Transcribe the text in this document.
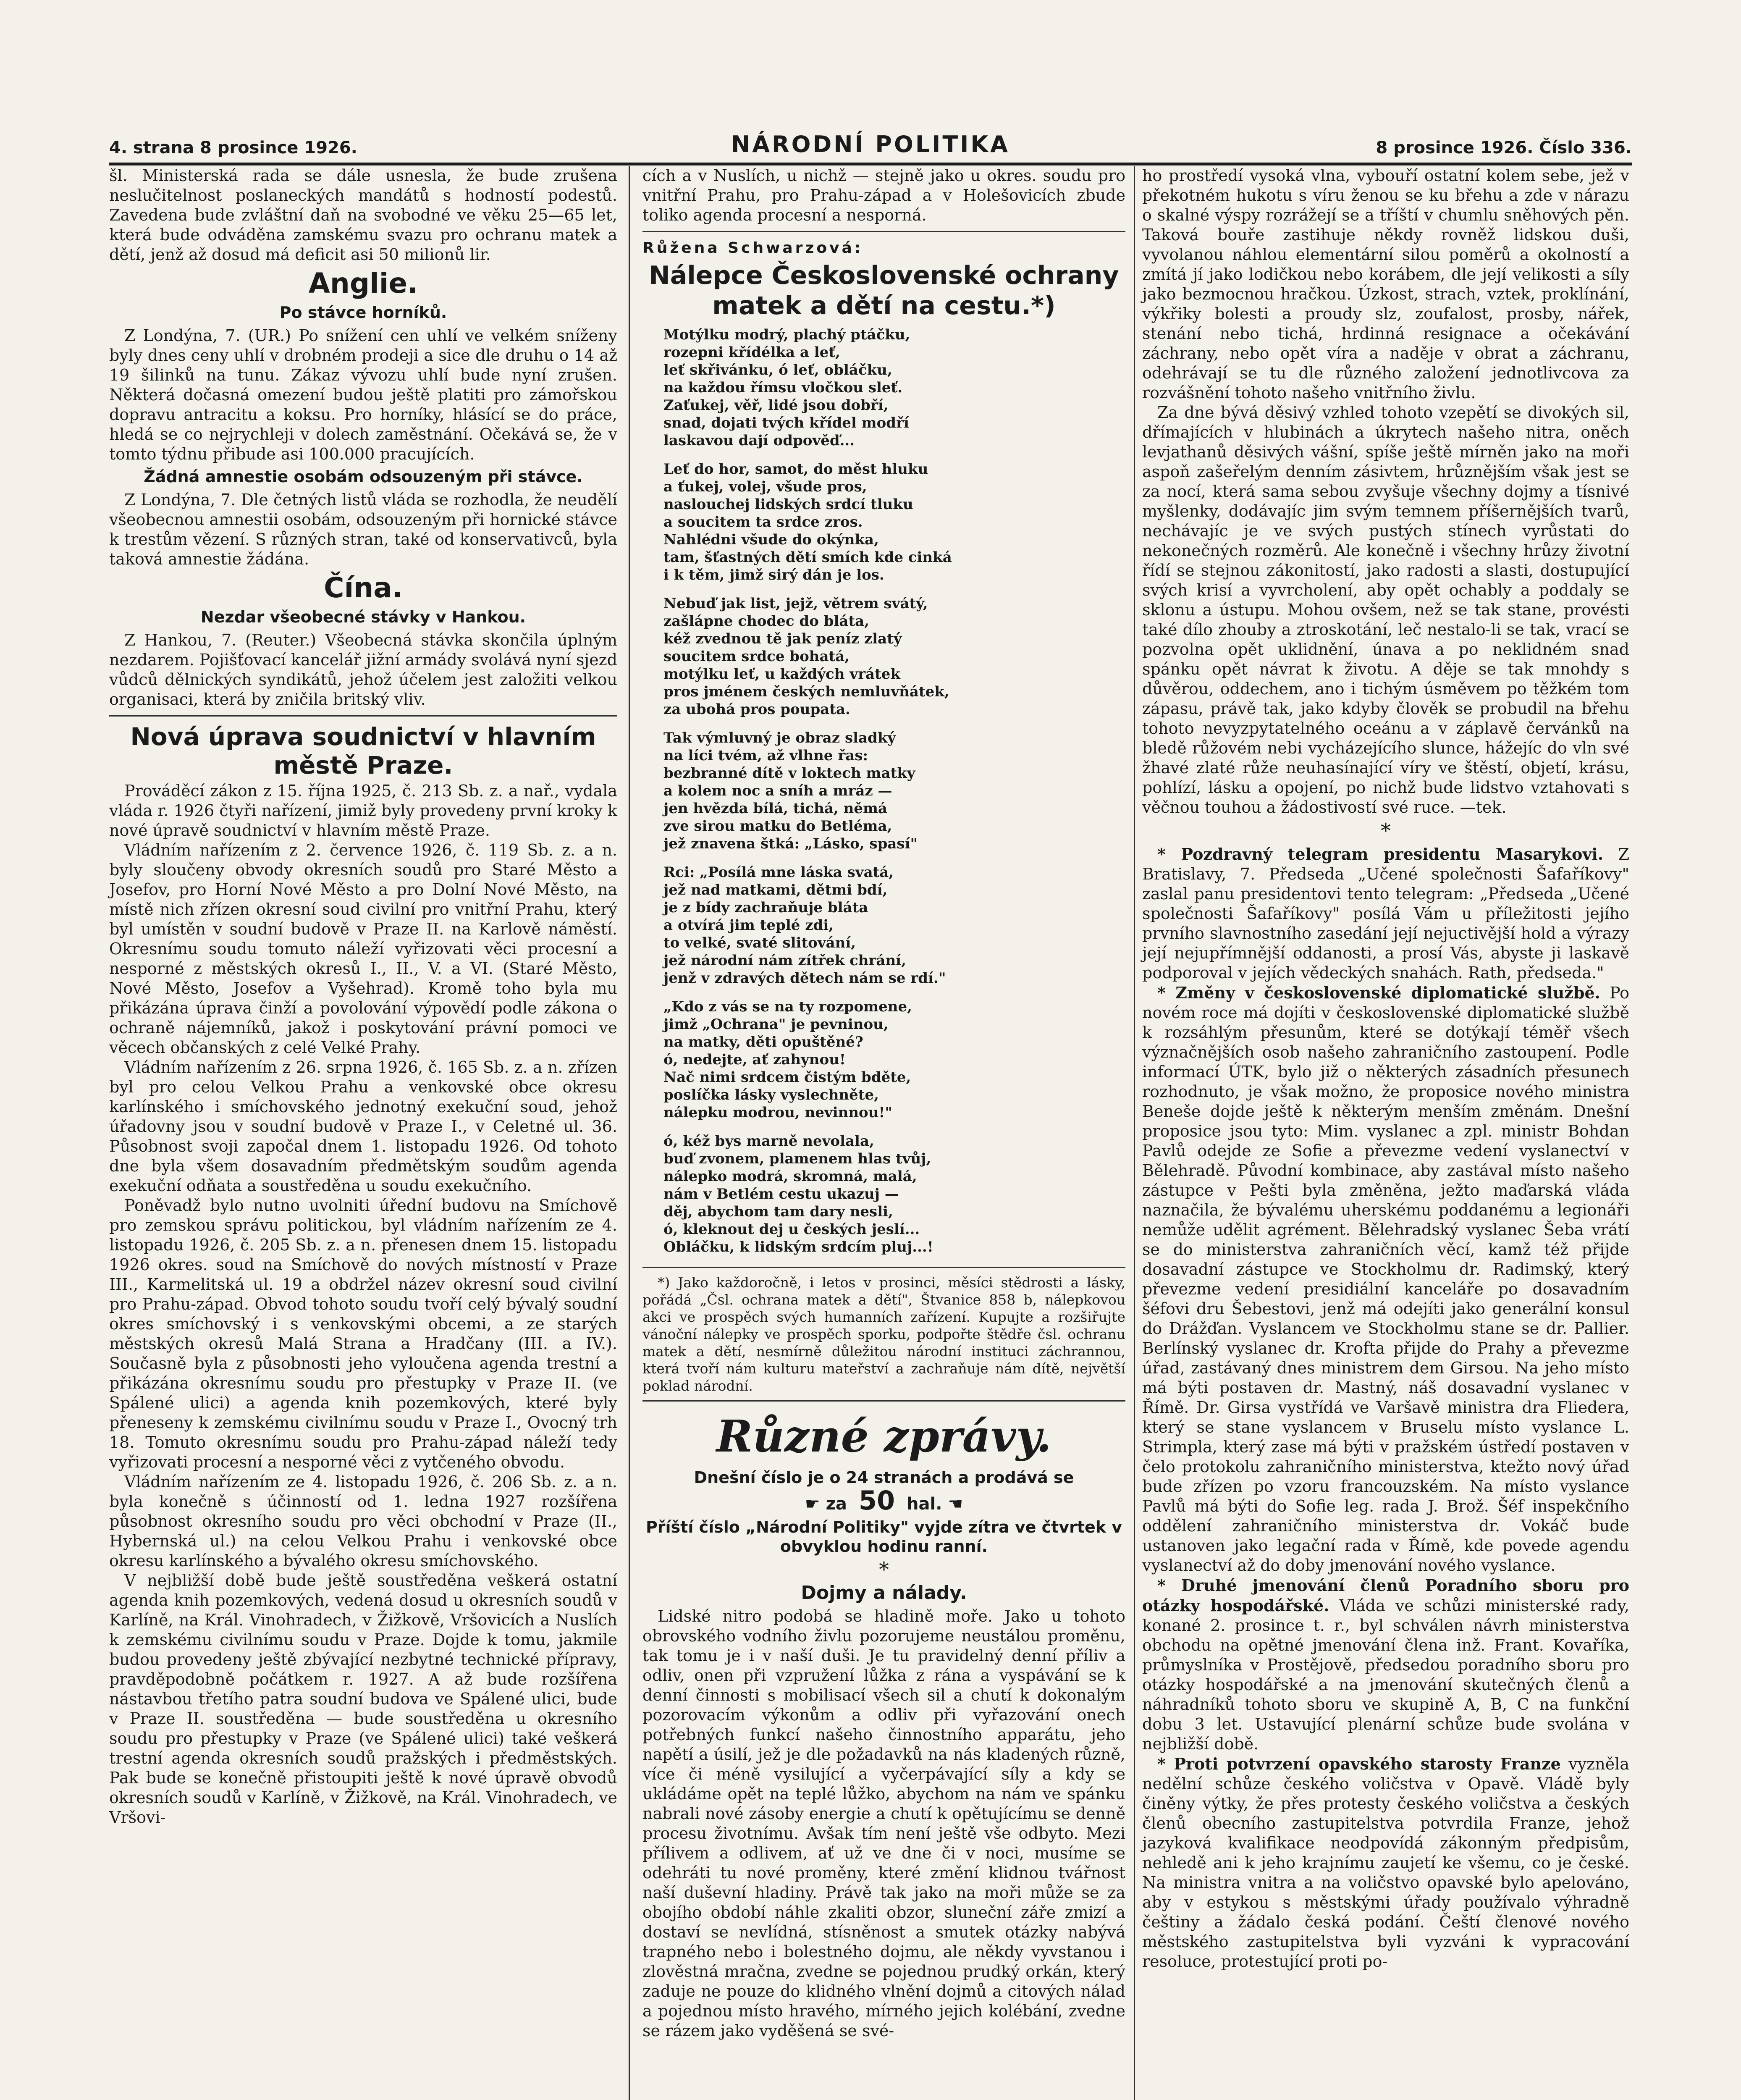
4. strana 8 prosince 1926.	NÁRODNÍ POLITIKA	8 prosince 1926. Číslo 336.

šl. Ministerská rada se dále usnesla, že bude zrušena neslučitelnost poslaneckých mandátů s hodností podestů. Zavedena bude zvláštní daň na svobodné ve věku 25—65 let, která bude odváděna zamskému svazu pro ochranu matek a dětí, jenž až dosud má deficit asi 50 milionů lir.

Anglie.
Po stávce horníků.

Z Londýna, 7. (UR.) Po snížení cen uhlí ve velkém sníženy byly dnes ceny uhlí v drobném prodeji a sice dle druhu o 14 až 19 šilinků na tunu. Zákaz vývozu uhlí bude nyní zrušen. Některá dočasná omezení budou ještě platiti pro zámořskou dopravu antracitu a koksu. Pro horníky, hlásící se do práce, hledá se co nejrychleji v dolech zaměstnání. Očekává se, že v tomto týdnu přibude asi 100.000 pracujících.

Žádná amnestie osobám odsouzeným při stávce.

Z Londýna, 7. Dle četných listů vláda se rozhodla, že neudělí všeobecnou amnestii osobám, odsouzeným při hornické stávce k trestům vězení. S různých stran, také od konservativců, byla taková amnestie žádána.

Čína.
Nezdar všeobecné stávky v Hankou.

Z Hankou, 7. (Reuter.) Všeobecná stávka skončila úplným nezdarem. Pojišťovací kancelář jižní armády svolává nyní sjezd vůdců dělnických syndikátů, jehož účelem jest založiti velkou organisaci, která by zničila britský vliv.

Nová úprava soudnictví v hlavním městě Praze.

Prováděcí zákon z 15. října 1925, č. 213 Sb. z. a nař., vydala vláda r. 1926 čtyři nařízení, jimiž byly provedeny první kroky k nové úpravě soudnictví v hlavním městě Praze.

Vládním nařízením z 2. července 1926, č. 119 Sb. z. a n. byly sloučeny obvody okresních soudů pro Staré Město a Josefov, pro Horní Nové Město a pro Dolní Nové Město, na místě nich zřízen okresní soud civilní pro vnitřní Prahu, který byl umístěn v soudní budově v Praze II. na Karlově náměstí. Okresnímu soudu tomuto náleží vyřizovati věci procesní a nesporné z městských okresů I., II., V. a VI. (Staré Město, Nové Město, Josefov a Vyšehrad). Kromě toho byla mu přikázána úprava činží a povolování výpovědí podle zákona o ochraně nájemníků, jakož i poskytování právní pomoci ve věcech občanských z celé Velké Prahy.

Vládním nařízením z 26. srpna 1926, č. 165 Sb. z. a n. zřízen byl pro celou Velkou Prahu a venkovské obce okresu karlínského i smíchovského jednotný exekuční soud, jehož úřadovny jsou v soudní budově v Praze I., v Celetné ul. 36. Působnost svoji započal dnem 1. listopadu 1926. Od tohoto dne byla všem dosavadním předmětským soudům agenda exekuční odňata a soustředěna u soudu exekučního.

Poněvadž bylo nutno uvolniti úřední budovu na Smíchově pro zemskou správu politickou, byl vládním nařízením ze 4. listopadu 1926, č. 205 Sb. z. a n. přenesen dnem 15. listopadu 1926 okres. soud na Smíchově do nových místností v Praze III., Karmelitská ul. 19 a obdržel název okresní soud civilní pro Prahu-západ. Obvod tohoto soudu tvoří celý bývalý soudní okres smíchovský i s venkovskými obcemi, a ze starých městských okresů Malá Strana a Hradčany (III. a IV.). Současně byla z působnosti jeho vyloučena agenda trestní a přikázána okresnímu soudu pro přestupky v Praze II. (ve Spálené ulici) a agenda knih pozemkových, které byly přeneseny k zemskému civilnímu soudu v Praze I., Ovocný trh 18. Tomuto okresnímu soudu pro Prahu-západ náleží tedy vyřizovati procesní a nesporné věci z vytčeného obvodu.

Vládním nařízením ze 4. listopadu 1926, č. 206 Sb. z. a n. byla konečně s účinností od 1. ledna 1927 rozšířena působnost okresního soudu pro věci obchodní v Praze (II., Hybernská ul.) na celou Velkou Prahu i venkovské obce okresu karlínského a bývalého okresu smíchovského.

V nejbližší době bude ještě soustředěna veškerá ostatní agenda knih pozemkových, vedená dosud u okresních soudů v Karlíně, na Král. Vinohradech, v Žižkově, Vršovicích a Nuslích k zemskému civilnímu soudu v Praze. Dojde k tomu, jakmile budou provedeny ještě zbývající nezbytné technické přípravy, pravděpodobně počátkem r. 1927. A až bude rozšířena nástavbou třetího patra soudní budova ve Spálené ulici, bude v Praze II. soustředěna — bude soustředěna u okresního soudu pro přestupky v Praze (ve Spálené ulici) také veškerá trestní agenda okresních soudů pražských i předměstských. Pak bude se konečně přistoupiti ještě k nové úpravě obvodů okresních soudů v Karlíně, v Žižkově, na Král. Vinohradech, ve Vršovi-

cích a v Nuslích, u nichž — stejně jako u okres. soudu pro vnitřní Prahu, pro Prahu-západ a v Holešovicích zbude toliko agenda procesní a nesporná.

Růžena Schwarzová:
Nálepce Československé ochrany matek a dětí na cestu.*)
Motýlku modrý, plachý ptáčku,
rozepni křídélka a leť,
leť skřivánku, ó leť, obláčku,
na každou římsu vločkou sleť.
Zaťukej, věř, lidé jsou dobří,
snad, dojati tvých křídel modří
laskavou dají odpověď...
Leť do hor, samot, do měst hluku
a ťukej, volej, všude pros,
naslouchej lidských srdcí tluku
a soucitem ta srdce zros.
Nahlédni všude do okýnka,
tam, šťastných dětí smích kde cinká
i k těm, jimž sirý dán je los.
Nebuď jak list, jejž, větrem svátý,
zašlápne chodec do bláta,
kéž zvednou tě jak peníz zlatý
soucitem srdce bohatá,
motýlku leť, u každých vrátek
pros jménem českých nemluvňátek,
za ubohá pros poupata.
Tak výmluvný je obraz sladký
na líci tvém, až vlhne řas:
bezbranné dítě v loktech matky
a kolem noc a sníh a mráz —
jen hvězda bílá, tichá, němá
zve sirou matku do Betléma,
jež znavena štká: „Lásko, spasí"
Rci: „Posílá mne láska svatá,
jež nad matkami, dětmi bdí,
je z bídy zachraňuje bláta
a otvírá jim teplé zdi,
to velké, svaté slitování,
jež národní nám zítřek chrání,
jenž v zdravých dětech nám se rdí."
„Kdo z vás se na ty rozpomene,
jimž „Ochrana" je pevninou,
na matky, děti opuštěné?
ó, nedejte, ať zahynou!
Nač nimi srdcem čistým bděte,
poslíčka lásky vyslechněte,
nálepku modrou, nevinnou!"
ó, kéž bys marně nevolala,
buď zvonem, plamenem hlas tvůj,
nálepko modrá, skromná, malá,
nám v Betlém cestu ukazuj —
děj, abychom tam dary nesli,
ó, kleknout dej u českých jeslí...
Obláčku, k lidským srdcím pluj...!

*) Jako každoročně, i letos v prosinci, měsíci stědrosti a lásky, pořádá „Čsl. ochrana matek a dětí", Štvanice 858 b, nálepkovou akci ve prospěch svých humanních zařízení. Kupujte a rozšiřujte vánoční nálepky ve prospěch sporku, podpořte štědře čsl. ochranu matek a dětí, nesmírně důležitou národní instituci záchrannou, která tvoří nám kulturu mateřství a zachraňuje nám dítě, největší poklad národní.

Různé zprávy.
Dnešní číslo je o 24 stranách a prodává se
☛ za 50 hal. ☚
Příští číslo „Národní Politiky" vyjde zítra ve čtvrtek v obvyklou hodinu ranní.
*
Dojmy a nálady.

Lidské nitro podobá se hladině moře. Jako u tohoto obrovského vodního živlu pozorujeme neustálou proměnu, tak tomu je i v naší duši. Je tu pravidelný denní příliv a odliv, onen při vzpružení lůžka z rána a vyspávání se k denní činnosti s mobilisací všech sil a chutí k dokonalým pozorovacím výkonům a odliv při vyřazování onech potřebných funkcí našeho činnostního apparátu, jeho napětí a úsilí, jež je dle požadavků na nás kladených různě, více či méně vysilující a vyčerpávající síly a kdy se ukládáme opět na teplé lůžko, abychom na nám ve spánku nabrali nové zásoby energie a chutí k opětujícímu se denně procesu životnímu. Avšak tím není ještě vše odbyto. Mezi přílivem a odlivem, ať už ve dne či v noci, musíme se odehráti tu nové proměny, které změní klidnou tvářnost naší duševní hladiny. Právě tak jako na moři může se za obojího období náhle zkaliti obzor, sluneční záře zmizí a dostaví se nevlídná, stísněnost a smutek otázky nabývá trapného nebo i bolestného dojmu, ale někdy vyvstanou i zlověstná mračna, zvedne se pojednou prudký orkán, který zaduje ne pouze do klidného vlnění dojmů a citových nálad a pojednou místo hravého, mírného jejich kolébání, zvedne se rázem jako vyděšená se své-

ho prostředí vysoká vlna, vybouří ostatní kolem sebe, jež v překotném hukotu s víru ženou se ku břehu a zde v nárazu o skalné výspy rozrážejí se a tříští v chumlu sněhových pěn. Taková bouře zastihuje někdy rovněž lidskou duši, vyvolanou náhlou elementární silou poměrů a okolností a zmítá jí jako lodičkou nebo korábem, dle její velikosti a síly jako bezmocnou hračkou. Úzkost, strach, vztek, proklínání, výkřiky bolesti a proudy slz, zoufalost, prosby, nářek, stenání nebo tichá, hrdinná resignace a očekávání záchrany, nebo opět víra a naděje v obrat a záchranu, odehrávají se tu dle různého založení jednotlivcova za rozvášnění tohoto našeho vnitřního živlu.

Za dne bývá děsivý vzhled tohoto vzepětí se divokých sil, dřímajících v hlubinách a úkrytech našeho nitra, oněch levjathanů děsivých vášní, spíše ještě mírněn jako na moři aspoň zašeřelým denním zásivtem, hrůznějším však jest se za nocí, která sama sebou zvyšuje všechny dojmy a tísnivé myšlenky, dodávajíc jim svým temnem příšernějších tvarů, nechávajíc je ve svých pustých stínech vyrůstati do nekonečných rozměrů. Ale konečně i všechny hrůzy životní řídí se stejnou zákonitostí, jako radosti a slasti, dostupující svých krisí a vyvrcholení, aby opět ochably a poddaly se sklonu a ústupu. Mohou ovšem, než se tak stane, provésti také dílo zhouby a ztroskotání, leč nestalo-li se tak, vrací se pozvolna opět uklidnění, únava a po neklidném snad spánku opět návrat k životu. A děje se tak mnohdy s důvěrou, oddechem, ano i tichým úsměvem po těžkém tom zápasu, právě tak, jako kdyby člověk se probudil na břehu tohoto nevyzpytatelného oceánu a v záplavě červánků na bledě růžovém nebi vycházejícího slunce, hážejíc do vln své žhavé zlaté růže neuhasínající víry ve štěstí, objetí, krásu, pohlízí, lásku a opojení, po nichž bude lidstvo vztahovati s věčnou touhou a žádostivostí své ruce. —tek.

*

* Pozdravný telegram presidentu Masarykovi. Z Bratislavy, 7. Předseda „Učené společnosti Šafaříkovy" zaslal panu presidentovi tento telegram: „Předseda „Učené společnosti Šafaříkovy" posílá Vám u příležitosti jejího prvního slavnostního zasedání její nejuctivější hold a výrazy její nejupřímnější oddanosti, a prosí Vás, abyste ji laskavě podporoval v jejích vědeckých snahách. Rath, předseda."

* Změny v československé diplomatické službě. Po novém roce má dojíti v československé diplomatické službě k rozsáhlým přesunům, které se dotýkají téměř všech význačnějších osob našeho zahraničního zastoupení. Podle informací ÚTK, bylo již o některých zásadních přesunech rozhodnuto, je však možno, že proposice nového ministra Beneše dojde ještě k některým menším změnám. Dnešní proposice jsou tyto: Mim. vyslanec a zpl. ministr Bohdan Pavlů odejde ze Sofie a převezme vedení vyslanectví v Bělehradě. Původní kombinace, aby zastával místo našeho zástupce v Pešti byla změněna, ježto maďarská vláda naznačila, že bývalému uherskému poddanému a legionáři nemůže udělit agrément. Bělehradský vyslanec Šeba vrátí se do ministerstva zahraničních věcí, kamž též přijde dosavadní zástupce ve Stockholmu dr. Radimský, který převezme vedení presidiální kanceláře po dosavadním šéfovi dru Šebestovi, jenž má odejíti jako generální konsul do Drážďan. Vyslancem ve Stockholmu stane se dr. Pallier. Berlínský vyslanec dr. Krofta přijde do Prahy a převezme úřad, zastávaný dnes ministrem dem Girsou. Na jeho místo má býti postaven dr. Mastný, náš dosavadní vyslanec v Římě. Dr. Girsa vystřídá ve Varšavě ministra dra Fliedera, který se stane vyslancem v Bruselu místo vyslance L. Strimpla, který zase má býti v pražském ústředí postaven v čelo protokolu zahraničního ministerstva, ktežto nový úřad bude zřízen po vzoru francouzském. Na místo vyslance Pavlů má býti do Sofie leg. rada J. Brož. Šéf inspekčního oddělení zahraničního ministerstva dr. Vokáč bude ustanoven jako legační rada v Římě, kde povede agendu vyslanectví až do doby jmenování nového vyslance.

* Druhé jmenování členů Poradního sboru pro otázky hospodářské. Vláda ve schůzi ministerské rady, konané 2. prosince t. r., byl schválen návrh ministerstva obchodu na opětné jmenování člena inž. Frant. Kovaříka, průmyslníka v Prostějově, předsedou poradního sboru pro otázky hospodářské a na jmenování skutečných členů a náhradníků tohoto sboru ve skupině A, B, C na funkční dobu 3 let. Ustavující plenární schůze bude svolána v nejbližší době.

* Proti potvrzení opavského starosty Franze vyzněla nedělní schůze českého voličstva v Opavě. Vládě byly činěny výtky, že přes protesty českého voličstva a českých členů obecního zastupitelstva potvrdila Franze, jehož jazyková kvalifikace neodpovídá zákonným předpisům, nehledě ani k jeho krajnímu zaujetí ke všemu, co je české. Na ministra vnitra a na voličstvo opavské bylo apelováno, aby v estykou s městskými úřady používalo výhradně češtiny a žádalo česká podání. Čeští členové nového městského zastupitelstva byli vyzváni k vypracování resoluce, protestující proti po-
